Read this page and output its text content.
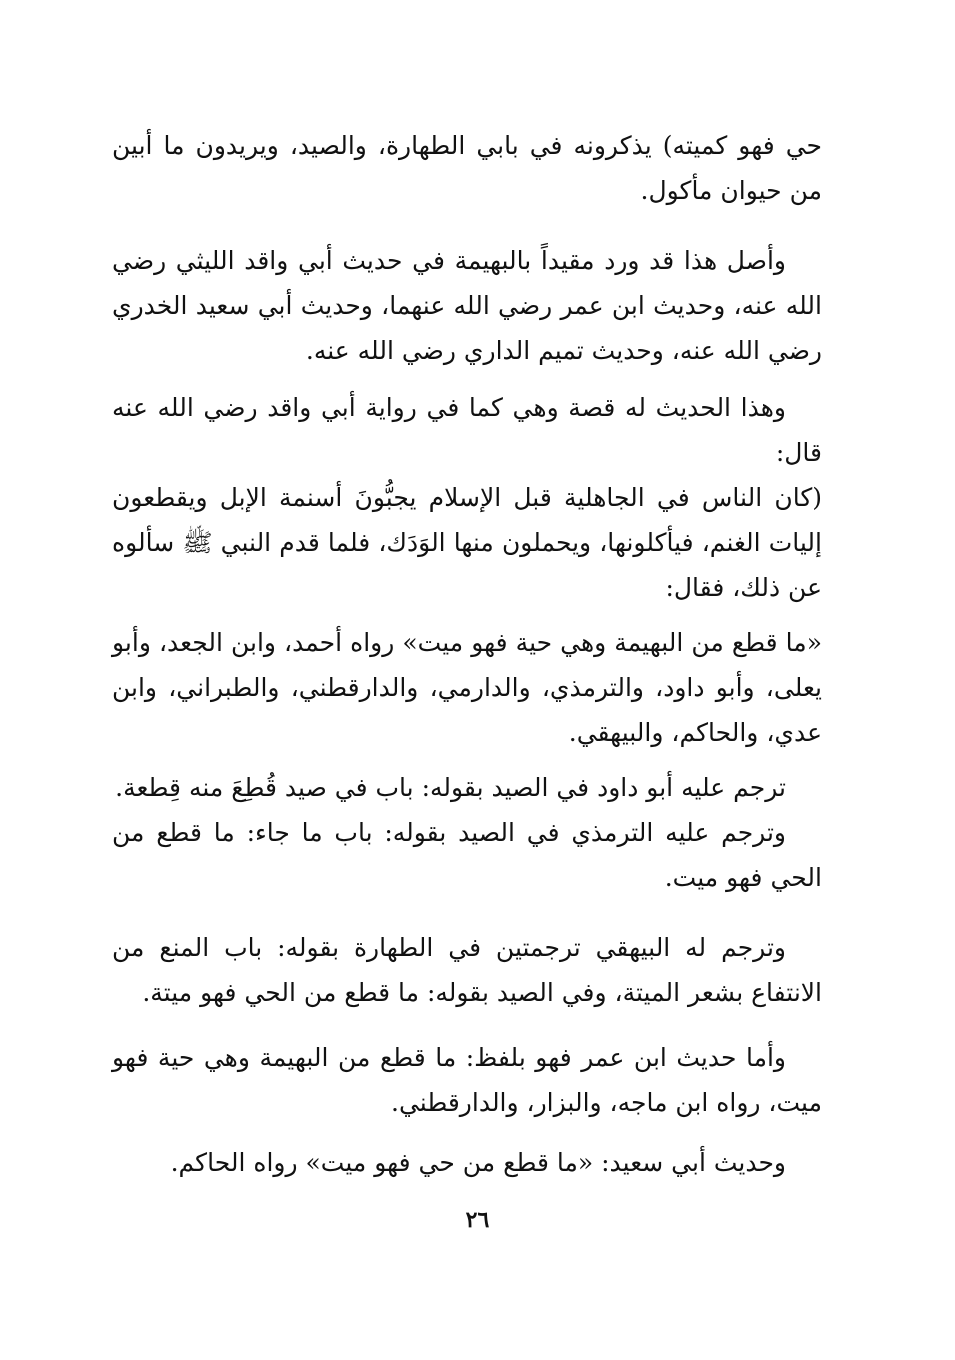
حي فهو كميته) يذكرونه في بابي الطهارة، والصيد، ويريدون ما أبين من حيوان مأكول.

وأصل هذا قد ورد مقيداً بالبهيمة في حديث أبي واقد الليثي رضي الله عنه، وحديث ابن عمر رضي الله عنهما، وحديث أبي سعيد الخدري رضي الله عنه، وحديث تميم الداري رضي الله عنه.

وهذا الحديث له قصة وهي كما في رواية أبي واقد رضي الله عنه قال:

(كان الناس في الجاهلية قبل الإسلام يجبُّونَ أسنمة الإبل ويقطعون إليات الغنم، فيأكلونها، ويحملون منها الوَدَك، فلما قدم النبي ﷺ سألوه عن ذلك، فقال:

«ما قطع من البهيمة وهي حية فهو ميت» رواه أحمد، وابن الجعد، وأبو يعلى، وأبو داود، والترمذي، والدارمي، والدارقطني، والطبراني، وابن عدي، والحاكم، والبيهقي.

ترجم عليه أبو داود في الصيد بقوله: باب في صيد قُطِعَ منه قِطعة.

وترجم عليه الترمذي في الصيد بقوله: باب ما جاء: ما قطع من الحي فهو ميت.

وترجم له البيهقي ترجمتين في الطهارة بقوله: باب المنع من الانتفاع بشعر الميتة، وفي الصيد بقوله: ما قطع من الحي فهو ميتة.

وأما حديث ابن عمر فهو بلفظ: ما قطع من البهيمة وهي حية فهو ميت، رواه ابن ماجه، والبزار، والدارقطني.

وحديث أبي سعيد: «ما قطع من حي فهو ميت» رواه الحاكم.

٢٦
